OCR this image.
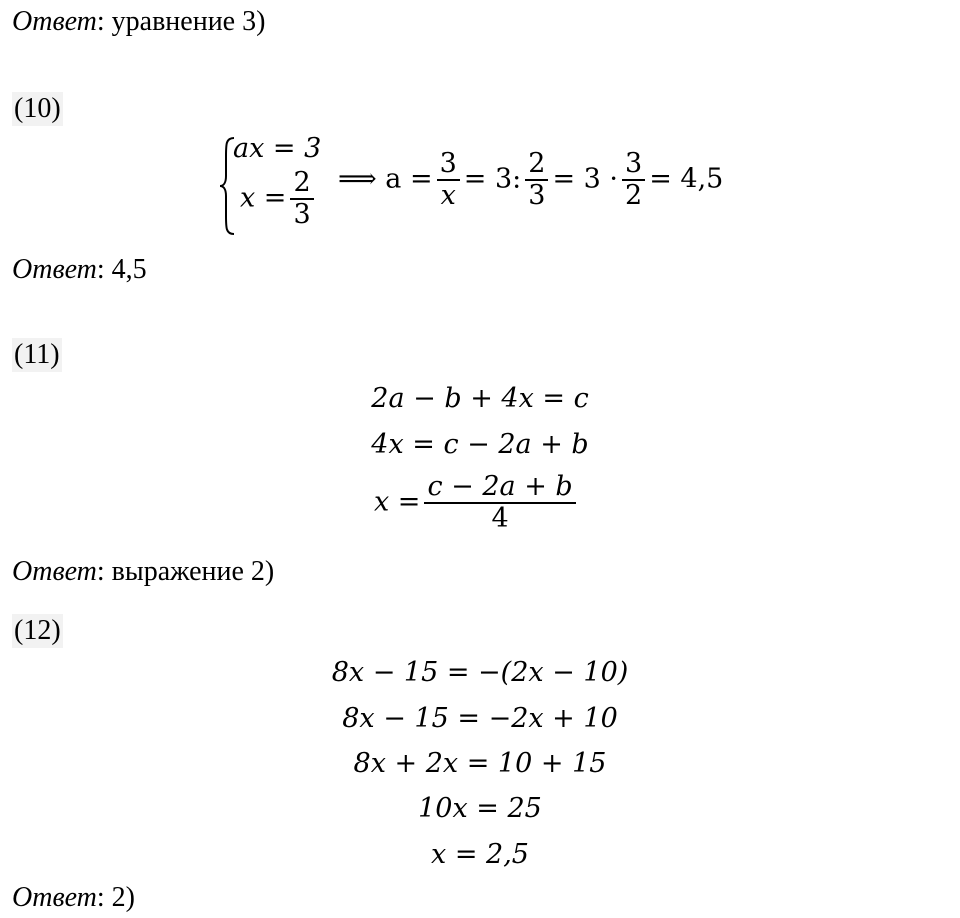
Ответ: уравнение 3)
(10)
ax = 3
$x = \frac{2}{3}$ ⟹ $a = \frac{3}{x} = 3$: $\frac{2}{3} = 3 \cdot \frac{3}{2} = 4,5$
Ответ: 4,5
(11)
2a − b + 4x = c
4x = c − 2a + b
$x = \frac{c - 2a + b}{4}$
Ответ: выражение 2)
(12)
8x − 15 = −(2x − 10)
8x − 15 = −2x + 10
8x + 2x = 10 + 15
10x = 25
x = 2,5
Ответ: 2)
